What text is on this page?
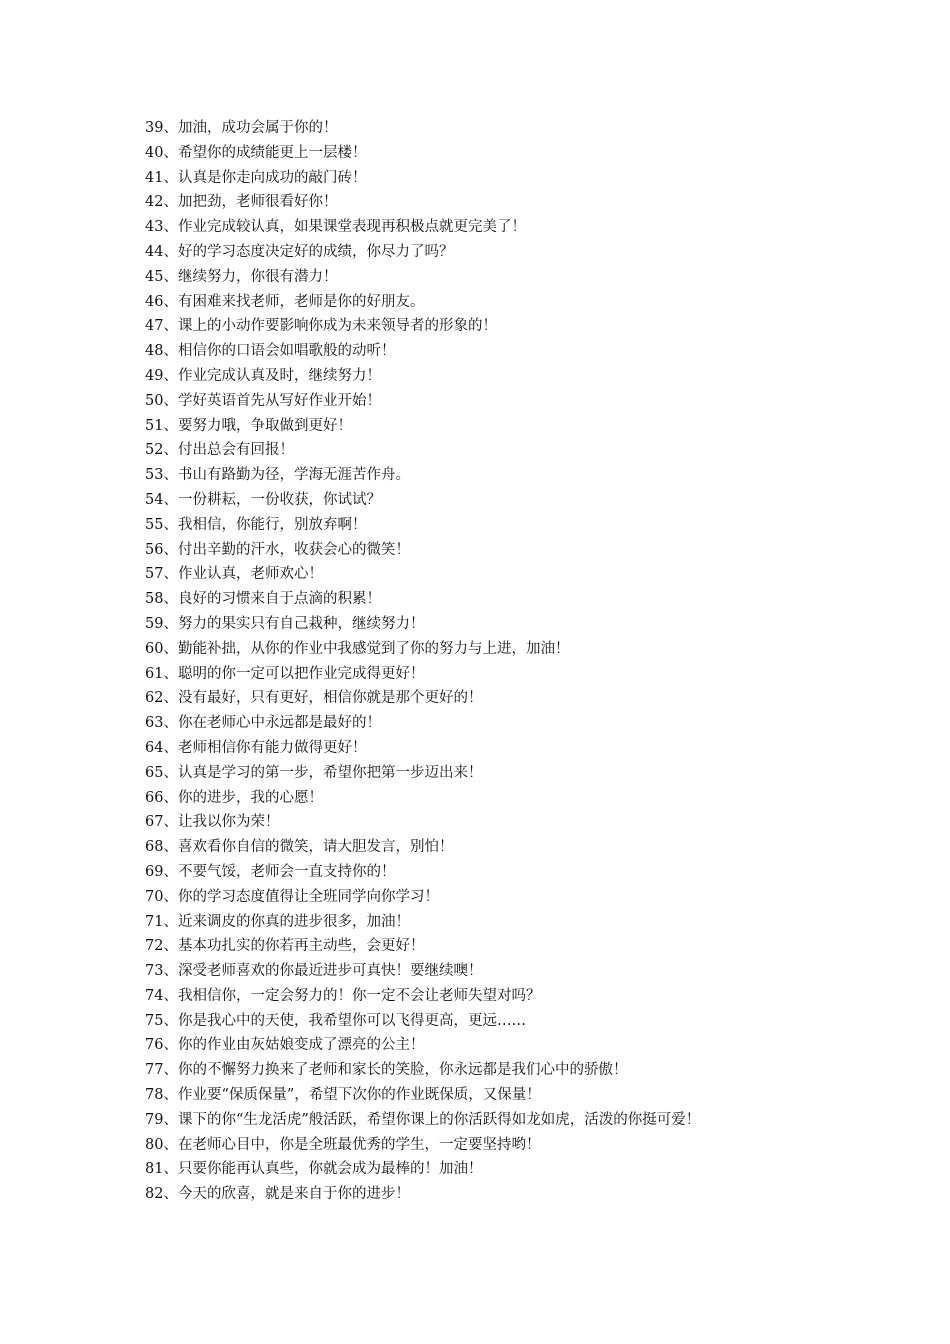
39、加油，成功会属于你的！
40、希望你的成绩能更上一层楼！
41、认真是你走向成功的敲门砖！
42、加把劲，老师很看好你！
43、作业完成较认真，如果课堂表现再积极点就更完美了！
44、好的学习态度决定好的成绩，你尽力了吗？
45、继续努力，你很有潜力！
46、有困难来找老师，老师是你的好朋友。
47、课上的小动作要影响你成为未来领导者的形象的！
48、相信你的口语会如唱歌般的动听！
49、作业完成认真及时，继续努力！
50、学好英语首先从写好作业开始！
51、要努力哦，争取做到更好！
52、付出总会有回报！
53、书山有路勤为径，学海无涯苦作舟。
54、一份耕耘，一份收获，你试试？
55、我相信，你能行，别放弃啊！
56、付出辛勤的汗水，收获会心的微笑！
57、作业认真，老师欢心！
58、良好的习惯来自于点滴的积累！
59、努力的果实只有自己栽种，继续努力！
60、勤能补拙，从你的作业中我感觉到了你的努力与上进，加油！
61、聪明的你一定可以把作业完成得更好！
62、没有最好，只有更好，相信你就是那个更好的！
63、你在老师心中永远都是最好的！
64、老师相信你有能力做得更好！
65、认真是学习的第一步，希望你把第一步迈出来！
66、你的进步，我的心愿！
67、让我以你为荣！
68、喜欢看你自信的微笑，请大胆发言，别怕！
69、不要气馁，老师会一直支持你的！
70、你的学习态度值得让全班同学向你学习！
71、近来调皮的你真的进步很多，加油！
72、基本功扎实的你若再主动些，会更好！
73、深受老师喜欢的你最近进步可真快！要继续噢！
74、我相信你，一定会努力的！你一定不会让老师失望对吗？
75、你是我心中的天使，我希望你可以飞得更高，更远……
76、你的作业由灰姑娘变成了漂亮的公主！
77、你的不懈努力换来了老师和家长的笑脸，你永远都是我们心中的骄傲！
78、作业要“保质保量”，希望下次你的作业既保质，又保量！
79、课下的你“生龙活虎”般活跃，希望你课上的你活跃得如龙如虎，活泼的你挺可爱！
80、在老师心目中，你是全班最优秀的学生，一定要坚持哟！
81、只要你能再认真些，你就会成为最棒的！加油！
82、今天的欣喜，就是来自于你的进步！
